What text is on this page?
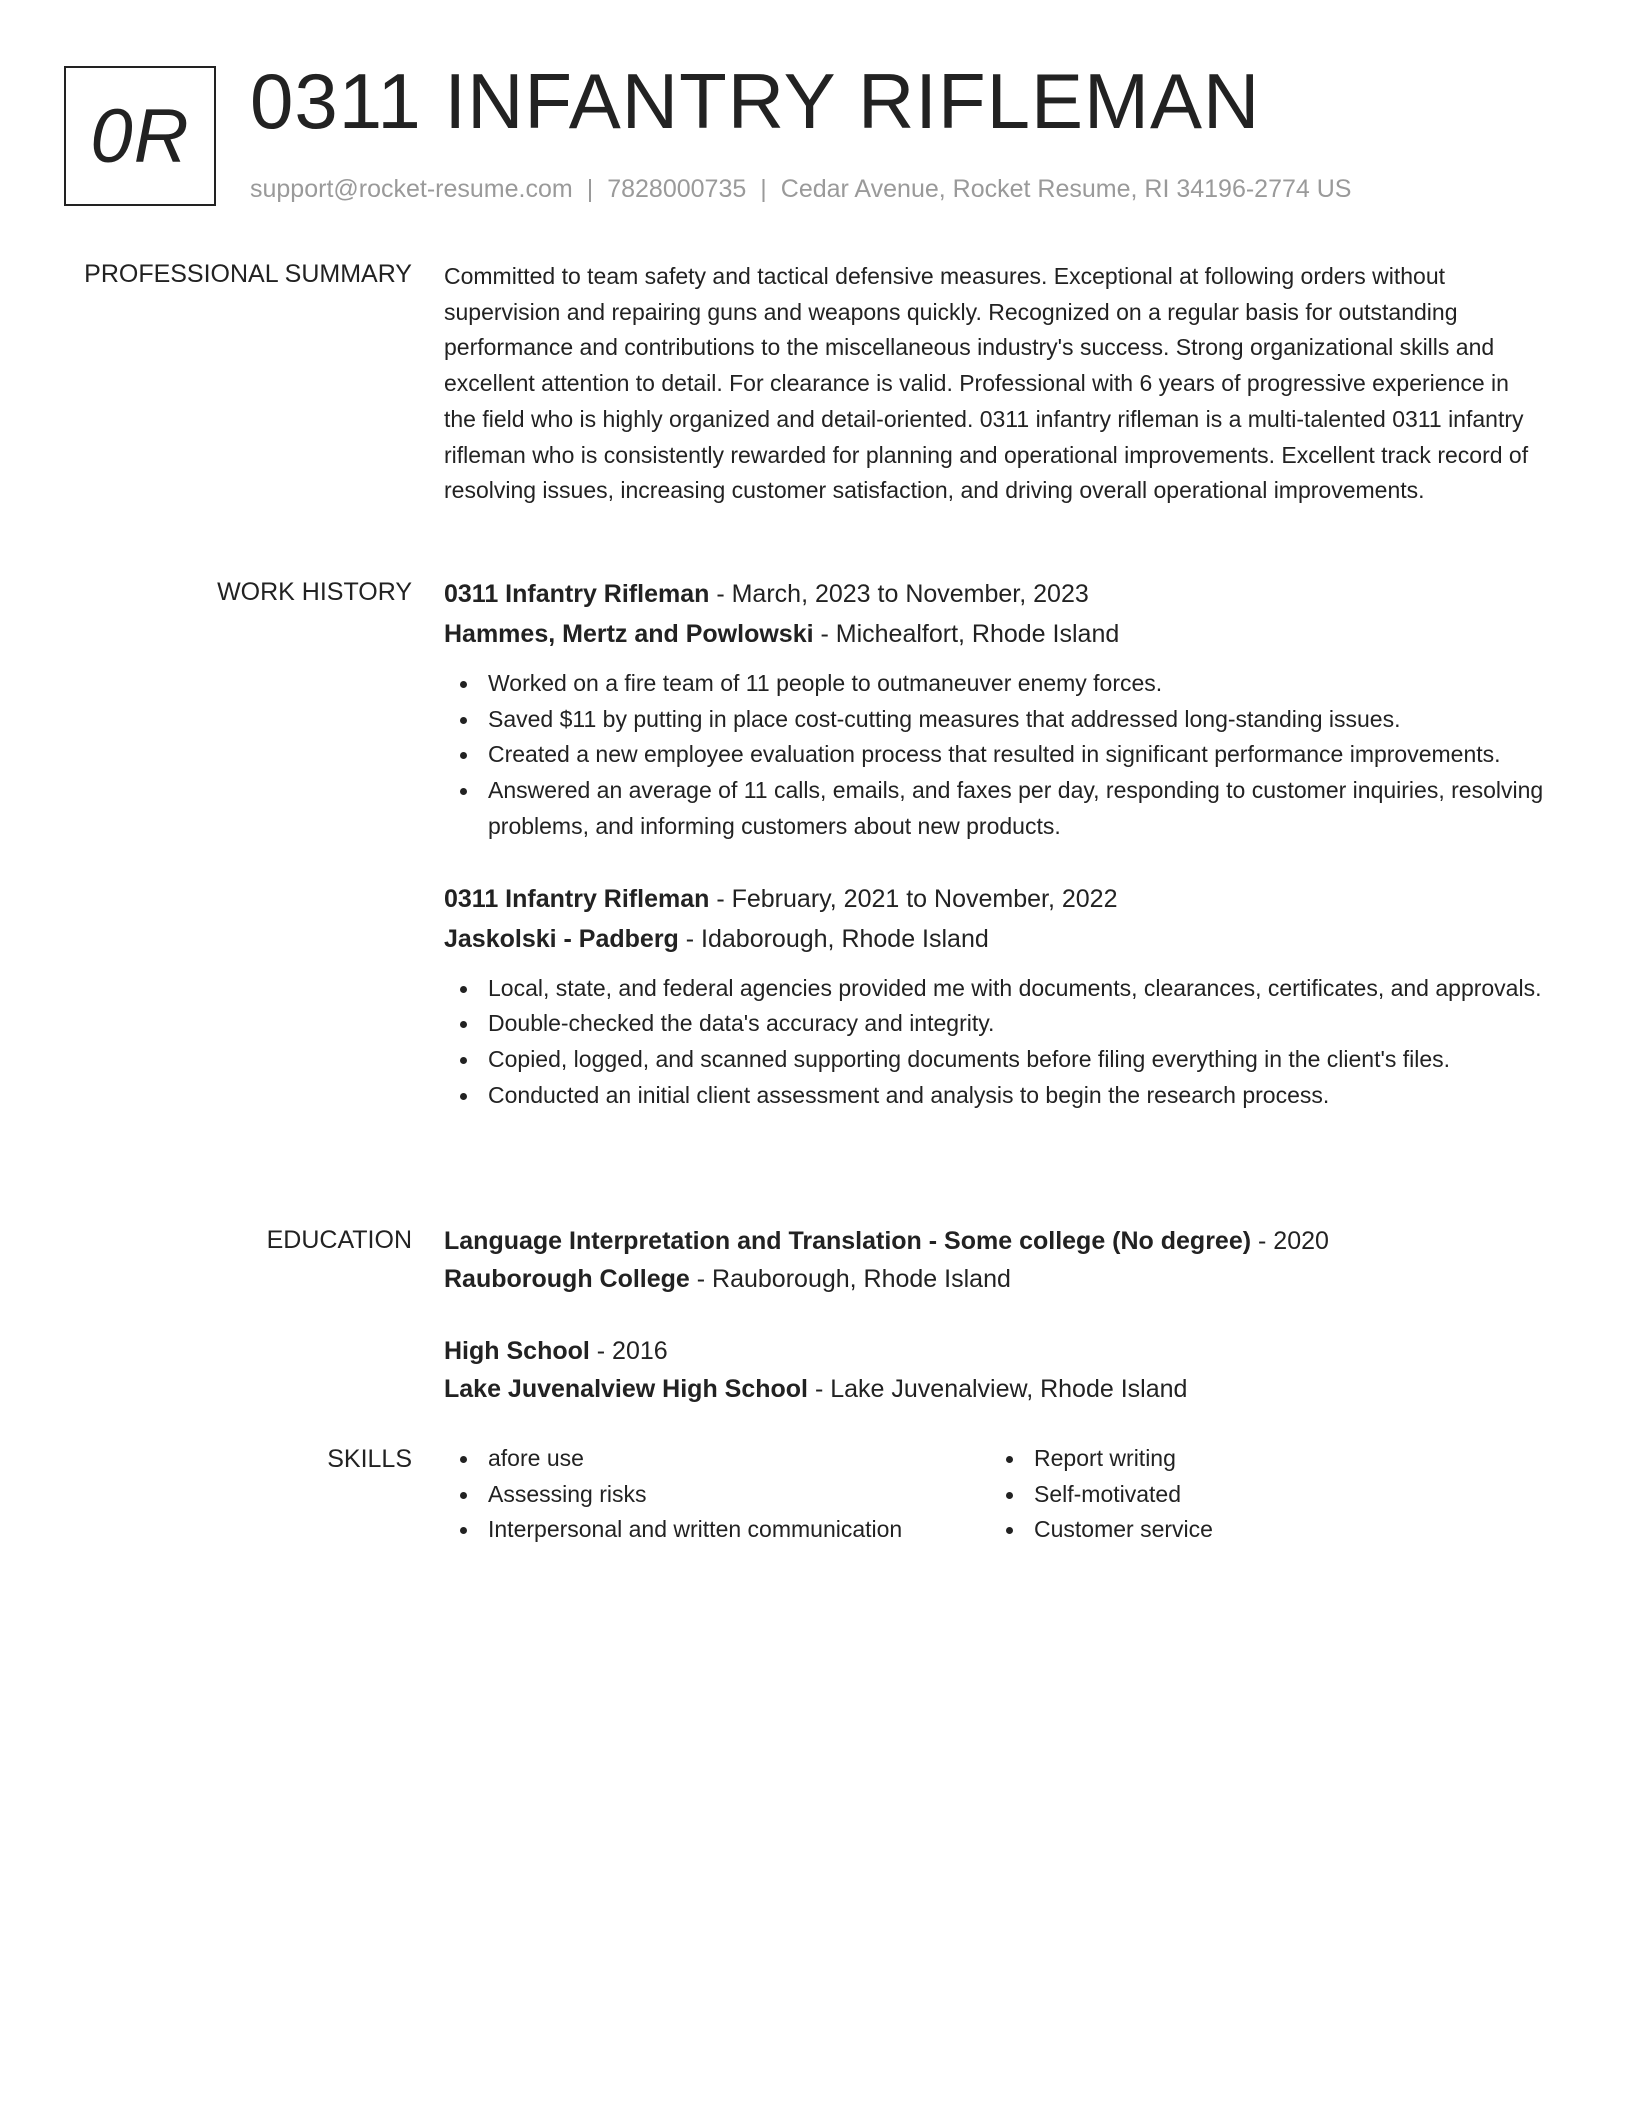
0R 0311 INFANTRY RIFLEMAN
support@rocket-resume.com | 7828000735 | Cedar Avenue, Rocket Resume, RI 34196-2774 US
PROFESSIONAL SUMMARY Committed to team safety and tactical defensive measures. Exceptional at following orders without supervision and repairing guns and weapons quickly. Recognized on a regular basis for outstanding performance and contributions to the miscellaneous industry's success. Strong organizational skills and excellent attention to detail. For clearance is valid. Professional with 6 years of progressive experience in the field who is highly organized and detail-oriented. 0311 infantry rifleman is a multi-talented 0311 infantry rifleman who is consistently rewarded for planning and operational improvements. Excellent track record of resolving issues, increasing customer satisfaction, and driving overall operational improvements.

WORK HISTORY 0311 Infantry Rifleman - March, 2023 to November, 2023
Hammes, Mertz and Powlowski - Michealfort, Rhode Island
Worked on a fire team of 11 people to outmaneuver enemy forces.
Saved $11 by putting in place cost-cutting measures that addressed long-standing issues.
Created a new employee evaluation process that resulted in significant performance improvements.
Answered an average of 11 calls, emails, and faxes per day, responding to customer inquiries, resolving problems, and informing customers about new products.
0311 Infantry Rifleman - February, 2021 to November, 2022
Jaskolski - Padberg - Idaborough, Rhode Island
Local, state, and federal agencies provided me with documents, clearances, certificates, and approvals.
Double-checked the data's accuracy and integrity.
Copied, logged, and scanned supporting documents before filing everything in the client's files.
Conducted an initial client assessment and analysis to begin the research process.
EDUCATION Language Interpretation and Translation - Some college (No degree) - 2020
Rauborough College - Rauborough, Rhode Island
High School - 2016
Lake Juvenalview High School - Lake Juvenalview, Rhode Island
SKILLS	afore use
Assessing risks
Interpersonal and written communication
Report writing
Self-motivated
Customer service
